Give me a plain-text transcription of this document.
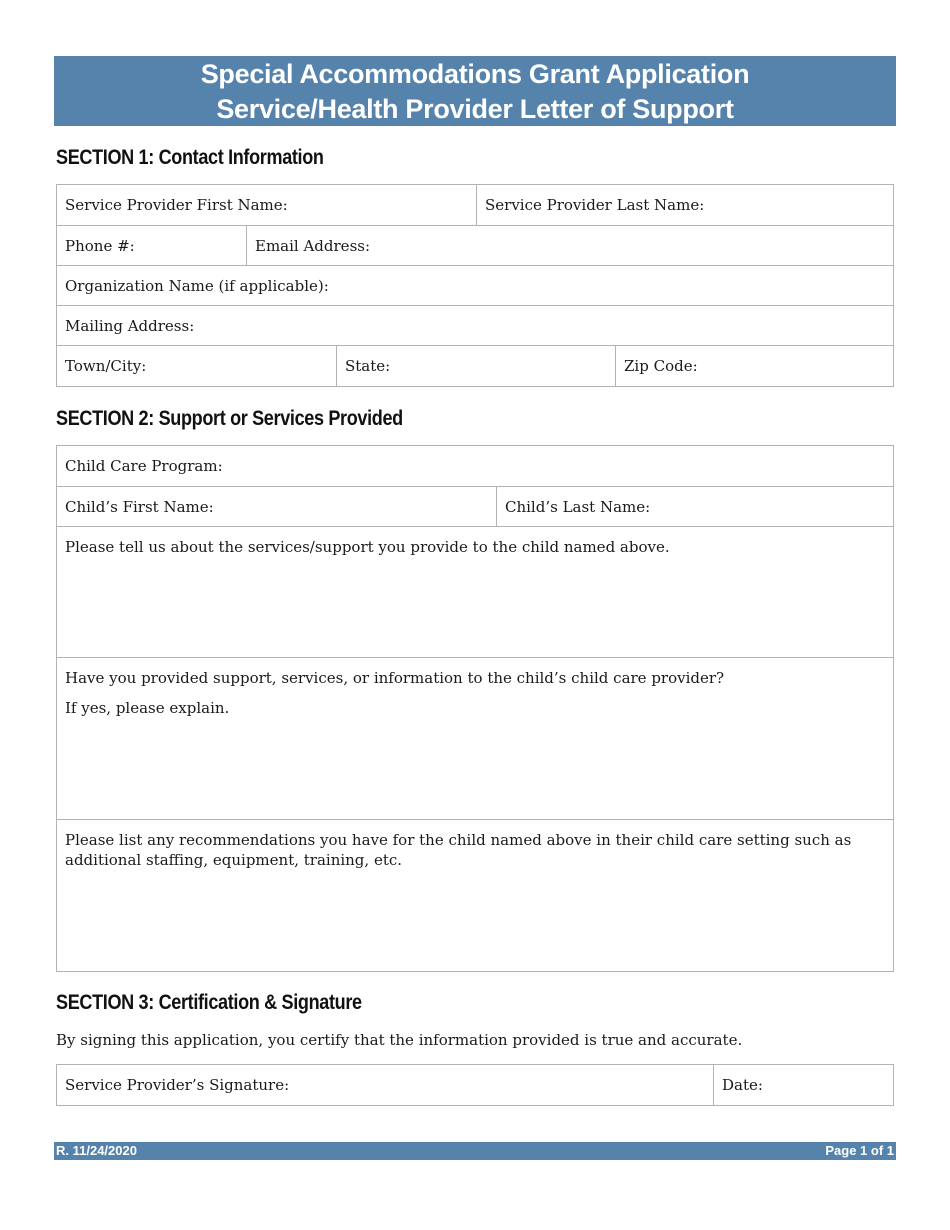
Special Accommodations Grant Application
Service/Health Provider Letter of Support
SECTION 1: Contact Information
Service Provider First Name:	Service Provider Last Name:
Phone #:	Email Address:
Organization Name (if applicable):
Mailing Address:
Town/City:	State:	Zip Code:
SECTION 2: Support or Services Provided
Child Care Program:
Child’s First Name:	Child’s Last Name:
Please tell us about the services/support you provide to the child named above.
Have you provided support, services, or information to the child’s child care provider?
If yes, please explain.
Please list any recommendations you have for the child named above in their child care setting such as additional staffing, equipment, training, etc.
SECTION 3: Certification & Signature
By signing this application, you certify that the information provided is true and accurate.
Service Provider’s Signature:	Date:
R. 11/24/2020	Page 1 of 1
